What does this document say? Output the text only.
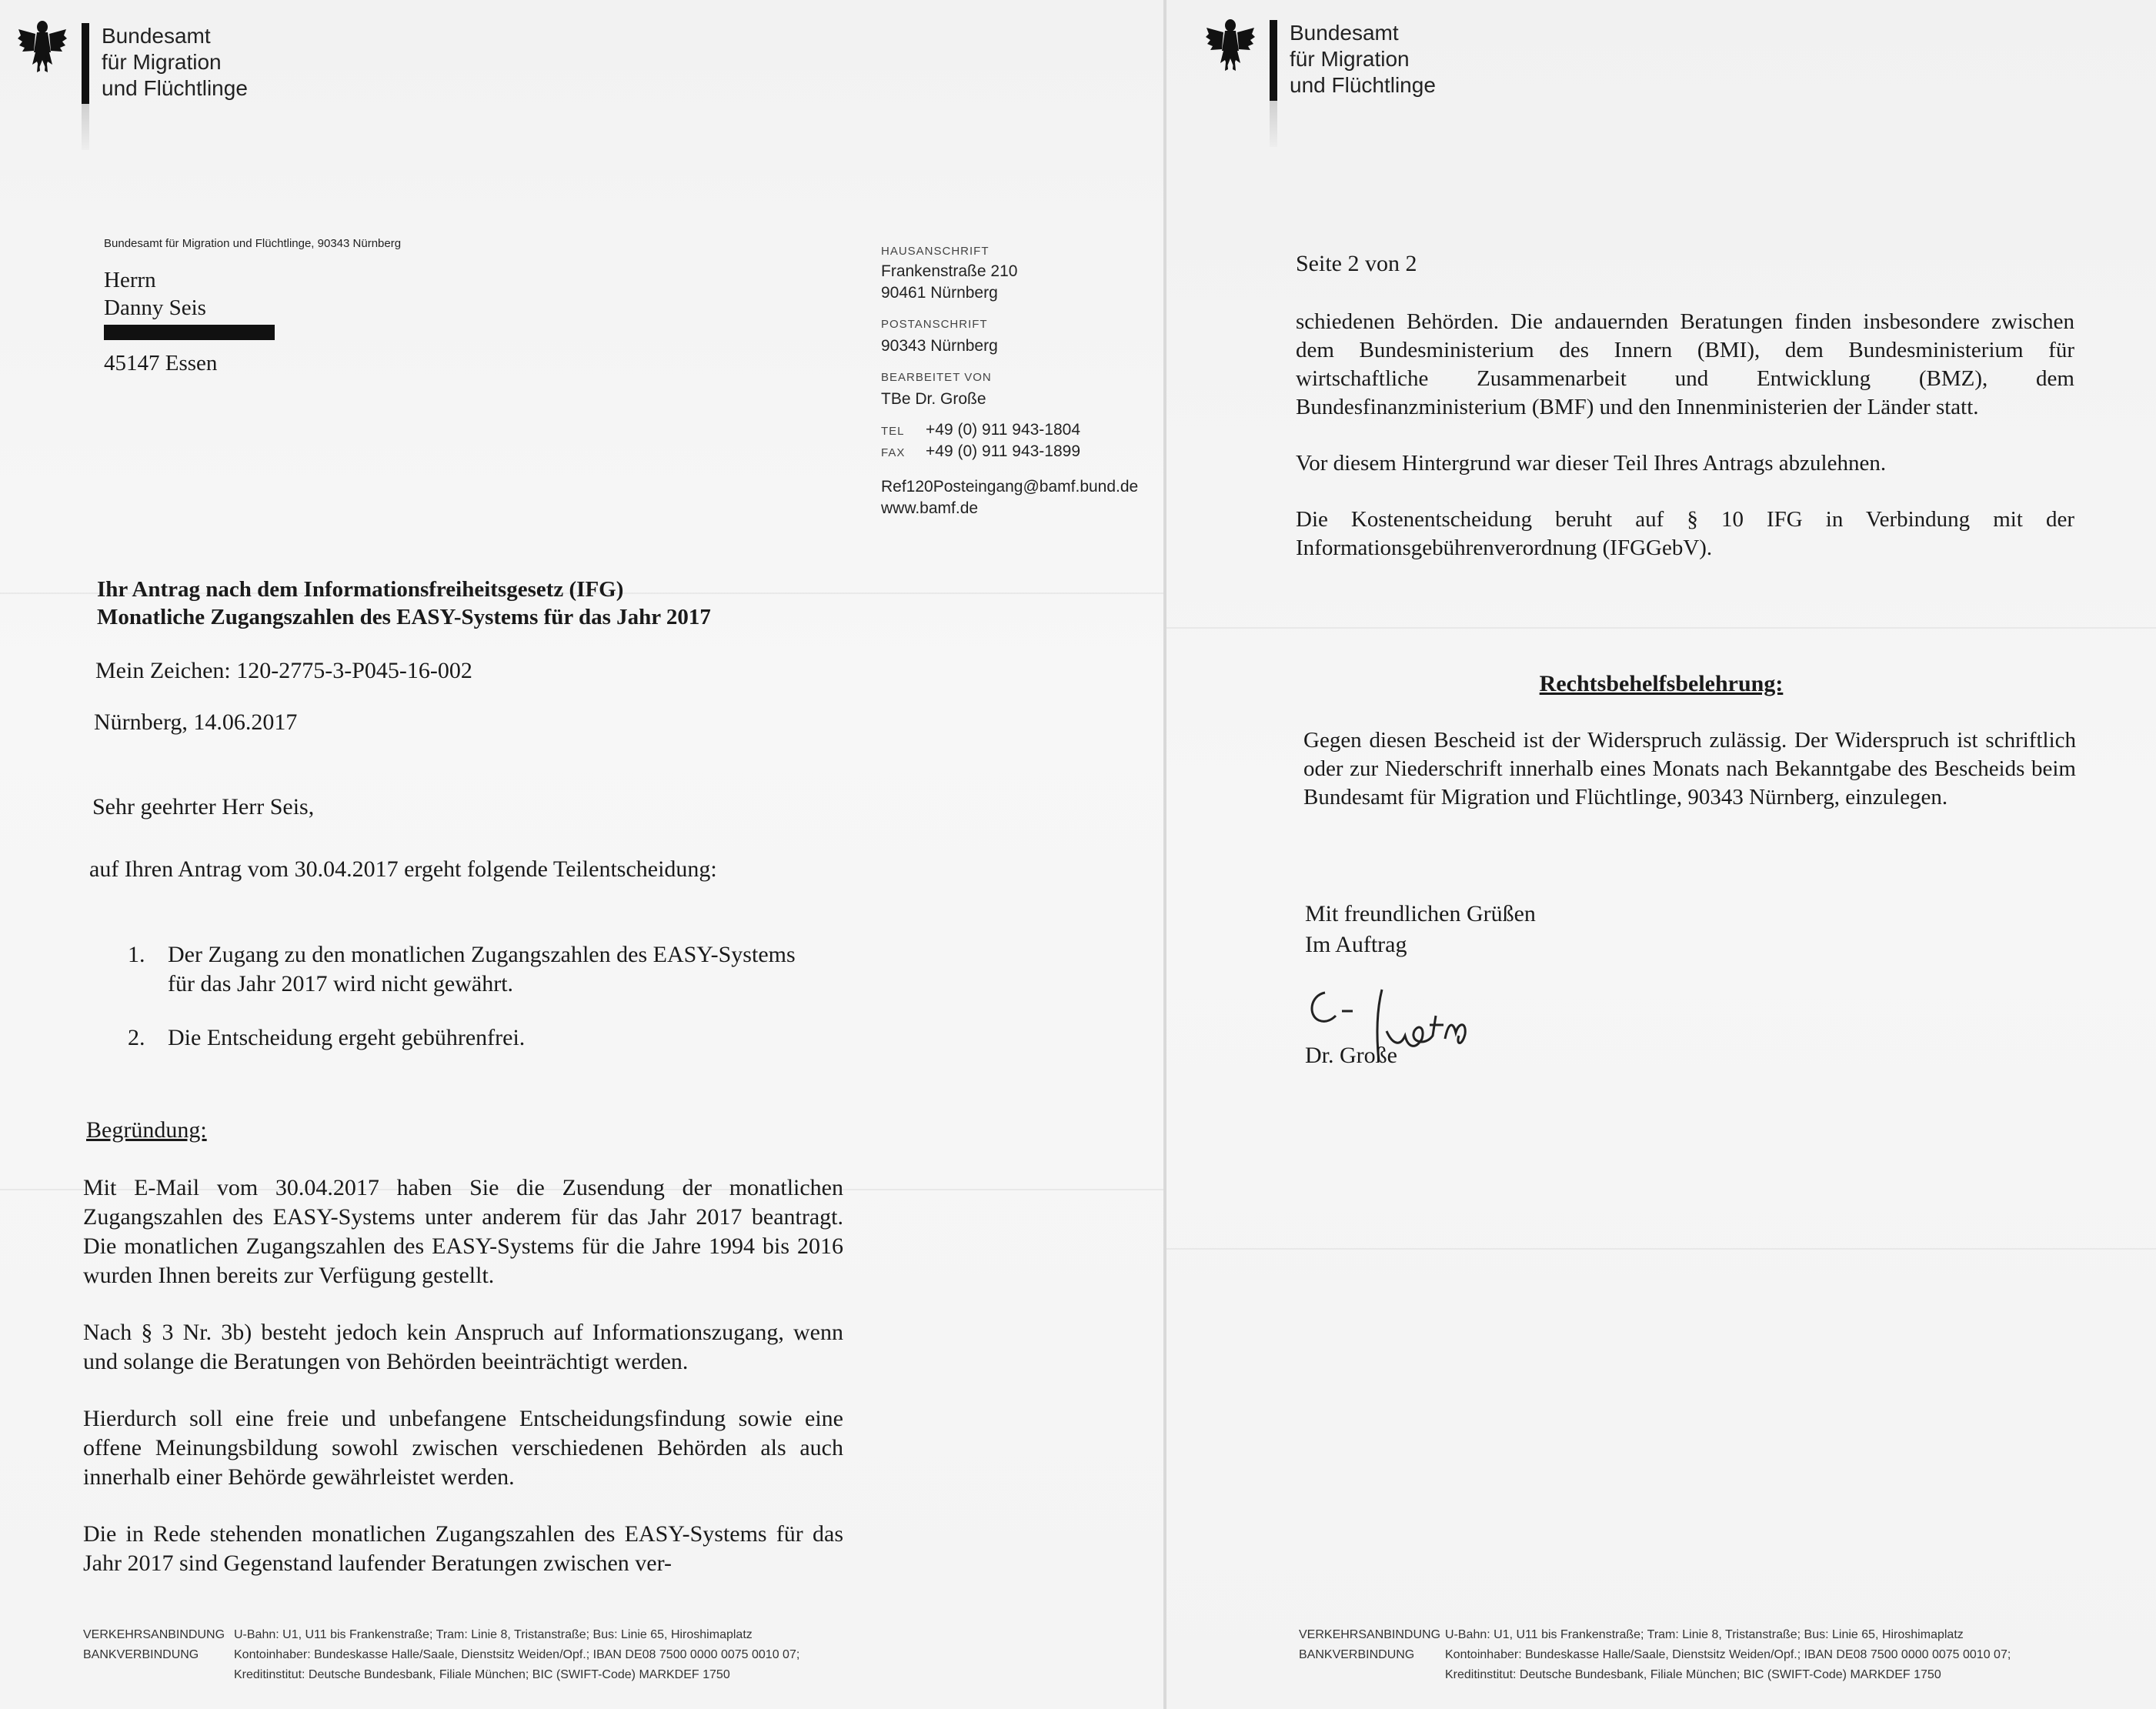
Bundesamt
für Migration
und Flüchtlinge
Bundesamt für Migration und Flüchtlinge, 90343 Nürnberg
Herrn
Danny Seis
45147 Essen
HAUSANSCHRIFT
Frankenstraße 210
90461 Nürnberg
POSTANSCHRIFT
90343 Nürnberg
BEARBEITET VON
TBe Dr. Große
TEL	+49 (0) 911 943-1804
FAX	+49 (0) 911 943-1899
Ref120Posteingang@bamf.bund.de
www.bamf.de
Ihr Antrag nach dem Informationsfreiheitsgesetz (IFG)
Monatliche Zugangszahlen des EASY-Systems für das Jahr 2017
Mein Zeichen: 120-2775-3-P045-16-002
Nürnberg, 14.06.2017
Sehr geehrter Herr Seis,
auf Ihren Antrag vom 30.04.2017 ergeht folgende Teilentscheidung:
1. Der Zugang zu den monatlichen Zugangszahlen des EASY-Systems für das Jahr 2017 wird nicht gewährt.
2. Die Entscheidung ergeht gebührenfrei.
Begründung:

Mit E-Mail vom 30.04.2017 haben Sie die Zusendung der monatlichen Zugangszahlen des EASY-Systems unter anderem für das Jahr 2017 beantragt. Die monatlichen Zugangszahlen des EASY-Systems für die Jahre 1994 bis 2016 wurden Ihnen bereits zur Verfügung gestellt.

Nach § 3 Nr. 3b) besteht jedoch kein Anspruch auf Informationszugang, wenn und solange die Beratungen von Behörden beeinträchtigt werden.

Hierdurch soll eine freie und unbefangene Entscheidungsfindung sowie eine offene Meinungsbildung sowohl zwischen verschiedenen Behörden als auch innerhalb einer Behörde gewährleistet werden.

Die in Rede stehenden monatlichen Zugangszahlen des EASY-Systems für das Jahr 2017 sind Gegenstand laufender Beratungen zwischen ver-

VERKEHRSANBINDUNG U-Bahn: U1, U11 bis Frankenstraße; Tram: Linie 8, Tristanstraße; Bus: Linie 65, Hiroshimaplatz
BANKVERBINDUNG	Kontoinhaber: Bundeskasse Halle/Saale, Dienstsitz Weiden/Opf.; IBAN DE08 7500 0000 0075 0010 07;
Kreditinstitut: Deutsche Bundesbank, Filiale München; BIC (SWIFT-Code) MARKDEF 1750
Bundesamt
für Migration
und Flüchtlinge
Seite 2 von 2

schiedenen Behörden. Die andauernden Beratungen finden insbesondere zwischen dem Bundesministerium des Innern (BMI), dem Bundesministerium für wirtschaftliche Zusammenarbeit und Entwicklung (BMZ), dem Bundesfinanzministerium (BMF) und den Innenministerien der Länder statt.

Vor diesem Hintergrund war dieser Teil Ihres Antrags abzulehnen.

Die Kostenentscheidung beruht auf § 10 IFG in Verbindung mit der Informationsgebührenverordnung (IFGGebV).

Rechtsbehelfsbelehrung:

Gegen diesen Bescheid ist der Widerspruch zulässig. Der Widerspruch ist schriftlich oder zur Niederschrift innerhalb eines Monats nach Bekanntgabe des Bescheids beim Bundesamt für Migration und Flüchtlinge, 90343 Nürnberg, einzulegen.

Mit freundlichen Grüßen
Im Auftrag
Dr. Große
VERKEHRSANBINDUNG U-Bahn: U1, U11 bis Frankenstraße; Tram: Linie 8, Tristanstraße; Bus: Linie 65, Hiroshimaplatz
BANKVERBINDUNG Kontoinhaber: Bundeskasse Halle/Saale, Dienstsitz Weiden/Opf.; IBAN DE08 7500 0000 0075 0010 07;
Kreditinstitut: Deutsche Bundesbank, Filiale München; BIC (SWIFT-Code) MARKDEF 1750
